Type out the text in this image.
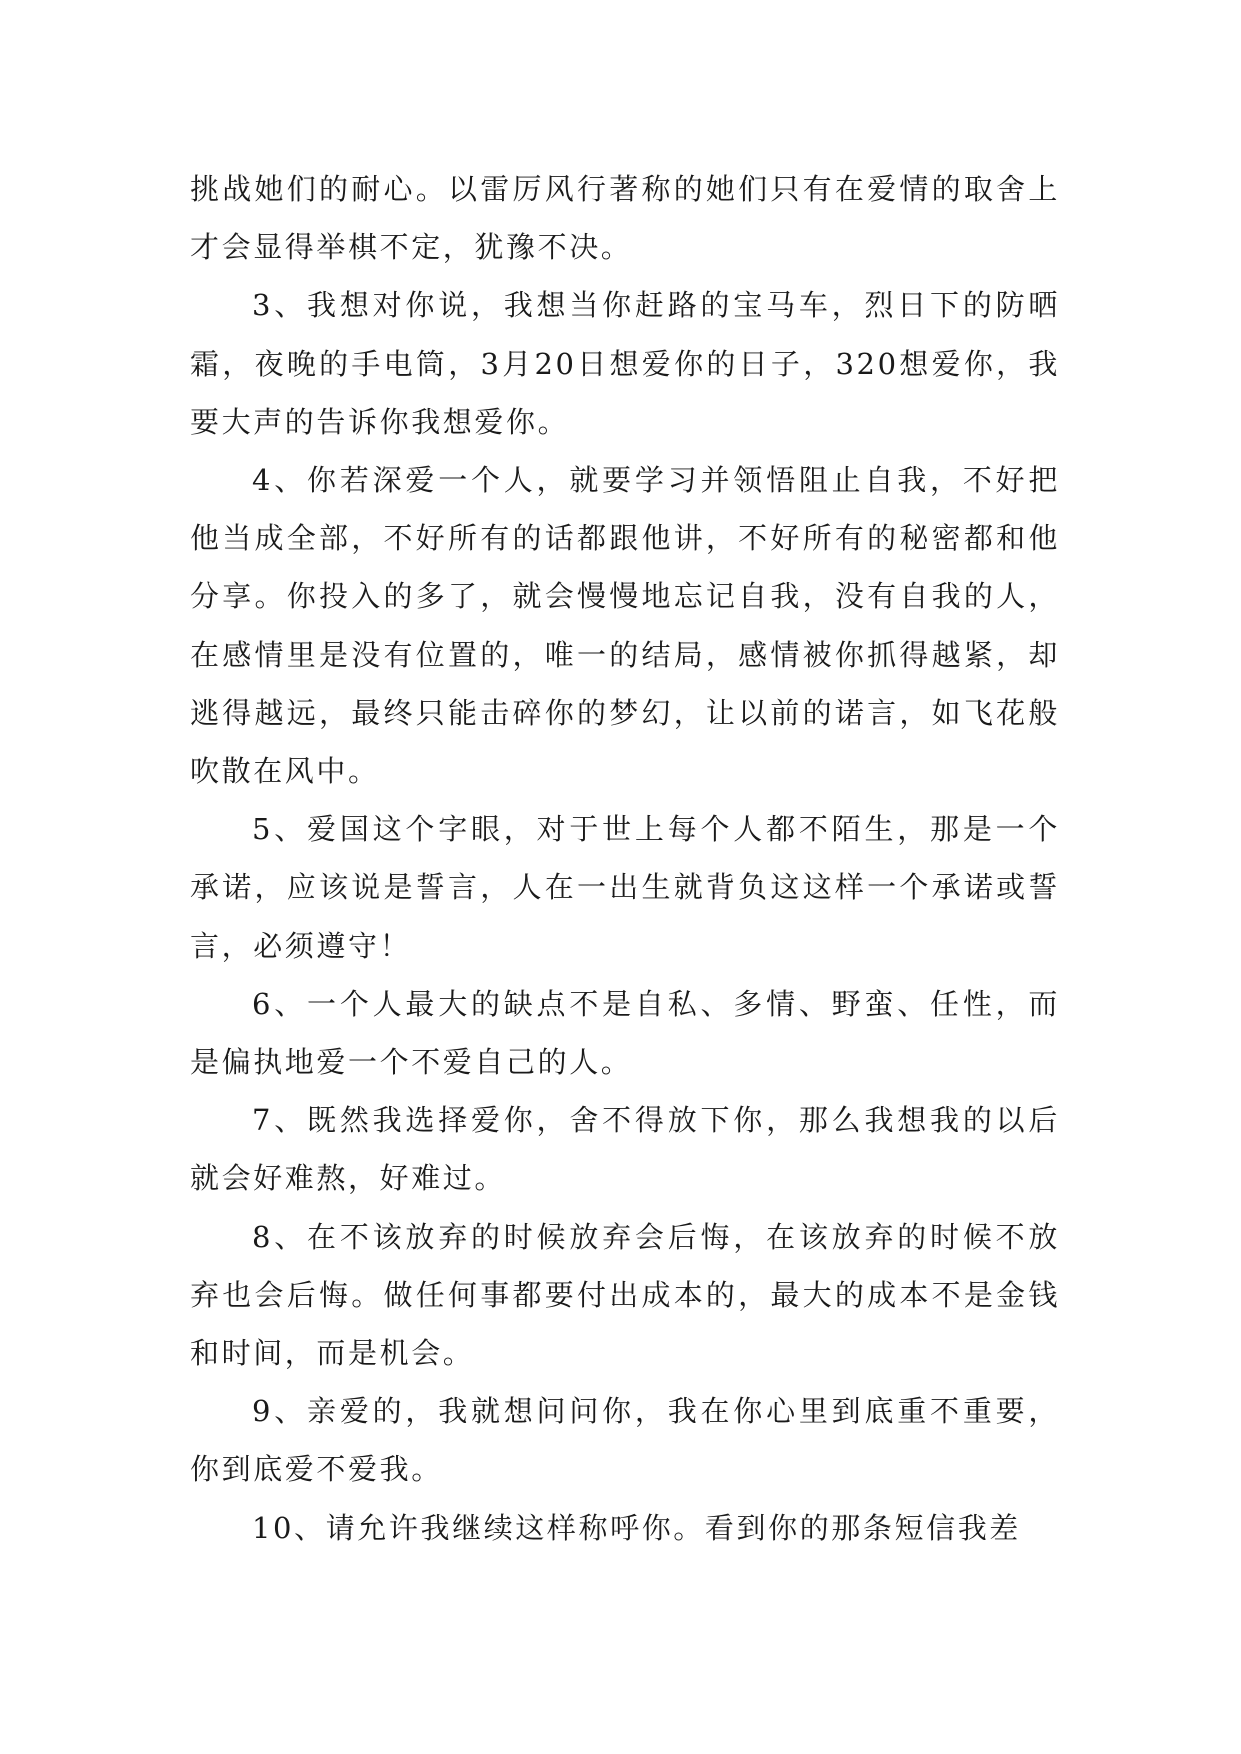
挑战她们的耐心。以雷厉风行著称的她们只有在爱情的取舍上才会显得举棋不定，犹豫不决。

3、我想对你说，我想当你赶路的宝马车，烈日下的防晒霜，夜晚的手电筒，3月20日想爱你的日子，320想爱你，我要大声的告诉你我想爱你。

4、你若深爱一个人，就要学习并领悟阻止自我，不好把他当成全部，不好所有的话都跟他讲，不好所有的秘密都和他分享。你投入的多了，就会慢慢地忘记自我，没有自我的人，在感情里是没有位置的，唯一的结局，感情被你抓得越紧，却逃得越远，最终只能击碎你的梦幻，让以前的诺言，如飞花般吹散在风中。

5、爱国这个字眼，对于世上每个人都不陌生，那是一个承诺，应该说是誓言，人在一出生就背负这这样一个承诺或誓言，必须遵守！

6、一个人最大的缺点不是自私、多情、野蛮、任性，而是偏执地爱一个不爱自己的人。

7、既然我选择爱你，舍不得放下你，那么我想我的以后就会好难熬，好难过。

8、在不该放弃的时候放弃会后悔，在该放弃的时候不放弃也会后悔。做任何事都要付出成本的，最大的成本不是金钱和时间，而是机会。

9、亲爱的，我就想问问你，我在你心里到底重不重要，你到底爱不爱我。

10、请允许我继续这样称呼你。看到你的那条短信我差
